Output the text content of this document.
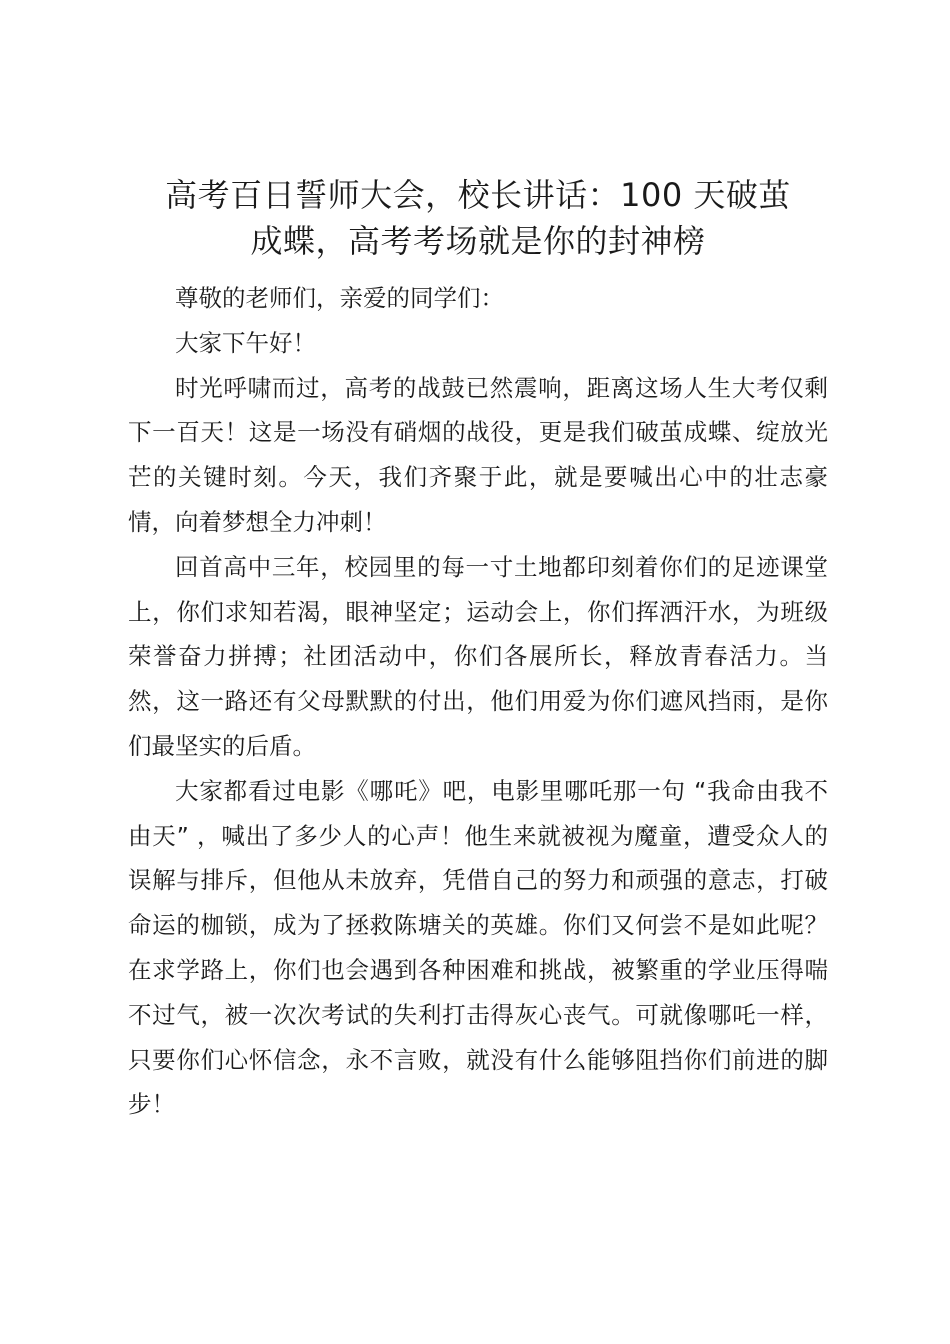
高考百日誓师大会，校长讲话：100 天破茧
成蝶，高考考场就是你的封神榜

尊敬的老师们，亲爱的同学们：

大家下午好！

时光呼啸而过，高考的战鼓已然震响，距离这场人生大考仅剩下一百天！这是一场没有硝烟的战役，更是我们破茧成蝶、绽放光芒的关键时刻。今天，我们齐聚于此，就是要喊出心中的壮志豪情，向着梦想全力冲刺！

回首高中三年，校园里的每一寸土地都印刻着你们的足迹课堂上，你们求知若渴，眼神坚定；运动会上，你们挥洒汗水，为班级荣誉奋力拼搏；社团活动中，你们各展所长，释放青春活力。当然，这一路还有父母默默的付出，他们用爱为你们遮风挡雨，是你们最坚实的后盾。

大家都看过电影《哪吒》吧，电影里哪吒那一句 “我命由我不由天” ，喊出了多少人的心声！他生来就被视为魔童，遭受众人的误解与排斥，但他从未放弃，凭借自己的努力和顽强的意志，打破命运的枷锁，成为了拯救陈塘关的英雄。你们又何尝不是如此呢？在求学路上，你们也会遇到各种困难和挑战，被繁重的学业压得喘不过气，被一次次考试的失利打击得灰心丧气。可就像哪吒一样，只要你们心怀信念，永不言败，就没有什么能够阻挡你们前进的脚步！
